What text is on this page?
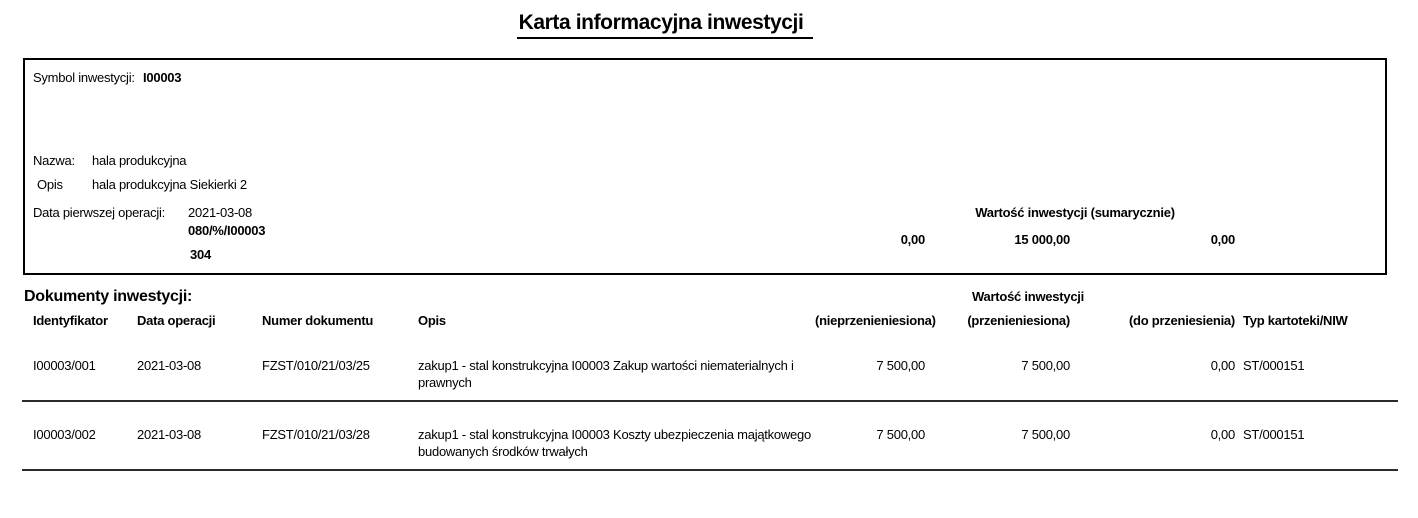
Karta informacyjna inwestycji
Symbol inwestycji: I00003
Nazwa: hala produkcyjna
Opis hala produkcyjna Siekierki 2
Data pierwszej operacji: 2021-03-08
080/%/I00003
304
Wartość inwestycji (sumarycznie)
0,00	15 000,00	0,00
Dokumenty inwestycji:	Wartość inwestycji
Identyfikator	Data operacji	Numer dokumentu	Opis	(nieprzenieniesiona)	(przenieniesiona)	(do przeniesienia)	Typ kartoteki/NIW
I00003/001	2021-03-08	FZST/010/21/03/25	zakup1 - stal konstrukcyjna I00003 Zakup wartości niematerialnych i prawnych	7 500,00	7 500,00	0,00	ST/000151
I00003/002	2021-03-08	FZST/010/21/03/28	zakup1 - stal konstrukcyjna I00003 Koszty ubezpieczenia majątkowego budowanych środków trwałych	7 500,00	7 500,00	0,00	ST/000151
